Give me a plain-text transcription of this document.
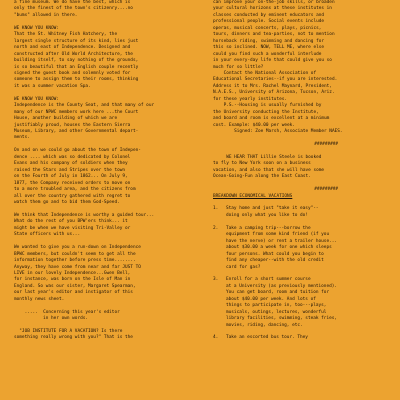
a fine museum. We do have the best, which is

only the finest of the town's citizenry....no

"bums" allowed in there.

WE KNOW YOU KNOW:

That the St. Whitney Fish Hatchery, the

largest single structure of its kind, lies just

north and east of Independence. Designed and

constructed after Old World Architecture, the

building itself, to say nothing of the grounds,

is so beautiful that an English couple recently

signed the guest book and solemnly voted for

someone to assign them to their rooms, thinking

it was a summer vacation Spa.

WE KNOW YOU KNOW:

Independence is the County Seat, and that many of our

many of our NPWC members work here ...the Court

House, another building of which we are

justifiably proud, houses the Eastern Sierra

Museum, Library, and other Governmental depart-

ments.

On and on we could go about the town of Indepen-

dence .... which was so dedicated by Colonel

Evans and his company of soldiers when they

raised the Stars and Stripes over the town

on the Fourth of July in 1862... On July 9,

1877, the Company received orders to move on

to a more troubled area, and the citizens from

all over the country gathered with regret to

watch them go and to bid them God-Speed.

We think that Independence is worthy a guided tour...

What do the rest of you BPW'ers think... it

might be when we have visiting Tri-Valley or

State officers with us...

We wanted to give you a run-down on Independence

BPWC members, but couldn't seem to get all the

information together before press time........

Anyway, they have come from near and far JUST TO

LIVE in our lovely Independence...Gwen Bell,

for instance, was born on the Isle of Man in

England. So was our sister, Margaret Spearman,

our last year's editor and instigator of this

monthly news sheet.

.....  Concerning this year's editor

in her own words.

"JOB INSTITUTE FOR A VACATION? Is there

something really wrong with you?" That is the

can improve your on-the-job skills, or broaden

your cultural horizons at these institutes in

classes conducted by eminent educators and

professional people. Social events include

operas, musical concerts, plays, picnics,

tours, dinners and tea-parties, not to mention

horseback riding, swimming and dancing for

this so inclined. NOW, TELL ME, where else

could you find such a wonderful interlude

in your every-day life that could give you so

much for so little?

Contact the National Association of

Educational Secretaries--if you are interested.

Address it to Mrs. Rachel Maynard, President,

N.A.E.S., University of Arizona, Tucson, Ariz.

for these yearly institutes.

P.S.--Housing is usually furnished by

the University conducting the Institute,

and board and room is excellent at a minimum

cost. Example: $40.00 per week.

Signed: Zoe Marsh, Associate Member NAES.

#########

WE HEAR THAT Lillie Steele is booked

to fly to New York soon on a business

vacation, and also that she will have some

Ocean-Going-Fun along the East Coast.

#########

BREAKDOWN ECONOMICAL VACATIONS

1.	Stay home and just "take it easy"--

doing only what you like to do!

2.	Take a camping trip---borrow the

equipment from some kind friend (if you

have the nerve) or rent a trailer house...

about $30.00 a week for one which sleeps

four persons. What could you begin to

find any cheaper--with the old credit

card for gas?

3.	Enroll for a short summer course

at a University (as previously mentioned).

You can get board, room and tuition for

about $40.00 per week. And lots of

things to participate in, too---plays,

musicals, outings, lectures, wonderful

library facilities, swimming, steak fries,

movies, riding, dancing, etc.

4.	Take an escorted bus tour. They
